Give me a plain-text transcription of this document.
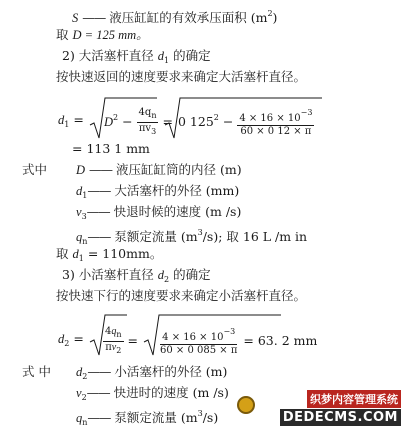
S —— 液压缸缸的有效承压面积 $(m^2)$
取 D = 125 mm。
2) 大活塞杆直径 $d_1$ 的确定
按快速返回的速度要求来确定大活塞杆直径。
$d_1 = D^2 - \frac{4q_n}{\pi v_3} = 0$ $125^2 - \frac{4 \times 16 \times 10^{-3}}{60 \times 0 12 \times \pi}$
= 113 1 mm
式中 D —— 液压缸缸筒的内径 (m)
$d_1——$ 大活塞杆的外径 (mm)
$v_3——$ 快退时候的速度 (m /s)
$q_n——$ 泵额定流量 $(m^3/s)$; 取 16 L /m in
取 $d_1 = 110mm$。
3) 小活塞杆直径 $d_2$ 的确定
按快速下行的速度要求来确定小活塞杆直径。
$d_2 = \frac{4q_n}{\pi v_2} = \frac{4 \times 16 \times 10^{-3}}{60 \times 0 085 \times \pi} = 63$. 2 mm
式 中 $d_2——$ 小活塞杆的外径 (m)
$v_2——$ 快进时的速度 (m /s)
$q_n——$ 泵额定流量 $(m^3/s)$
织梦内容管理系统
DEDECMS.COM
